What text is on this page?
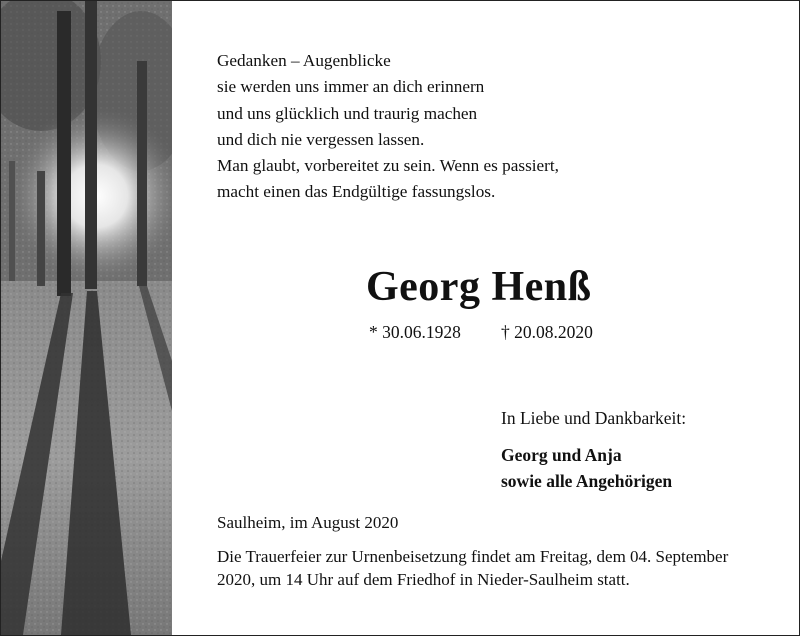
Gedanken – Augenblicke
sie werden uns immer an dich erinnern
und uns glücklich und traurig machen
und dich nie vergessen lassen.
Man glaubt, vorbereitet zu sein. Wenn es passiert,
macht einen das Endgültige fassungslos.
Georg Henß
* 30.06.1928 † 20.08.2020
In Liebe und Dankbarkeit:
Georg und Anja
sowie alle Angehörigen
Saulheim, im August 2020
Die Trauerfeier zur Urnenbeisetzung findet am Freitag, dem 04. September
2020, um 14 Uhr auf dem Friedhof in Nieder-Saulheim statt.
